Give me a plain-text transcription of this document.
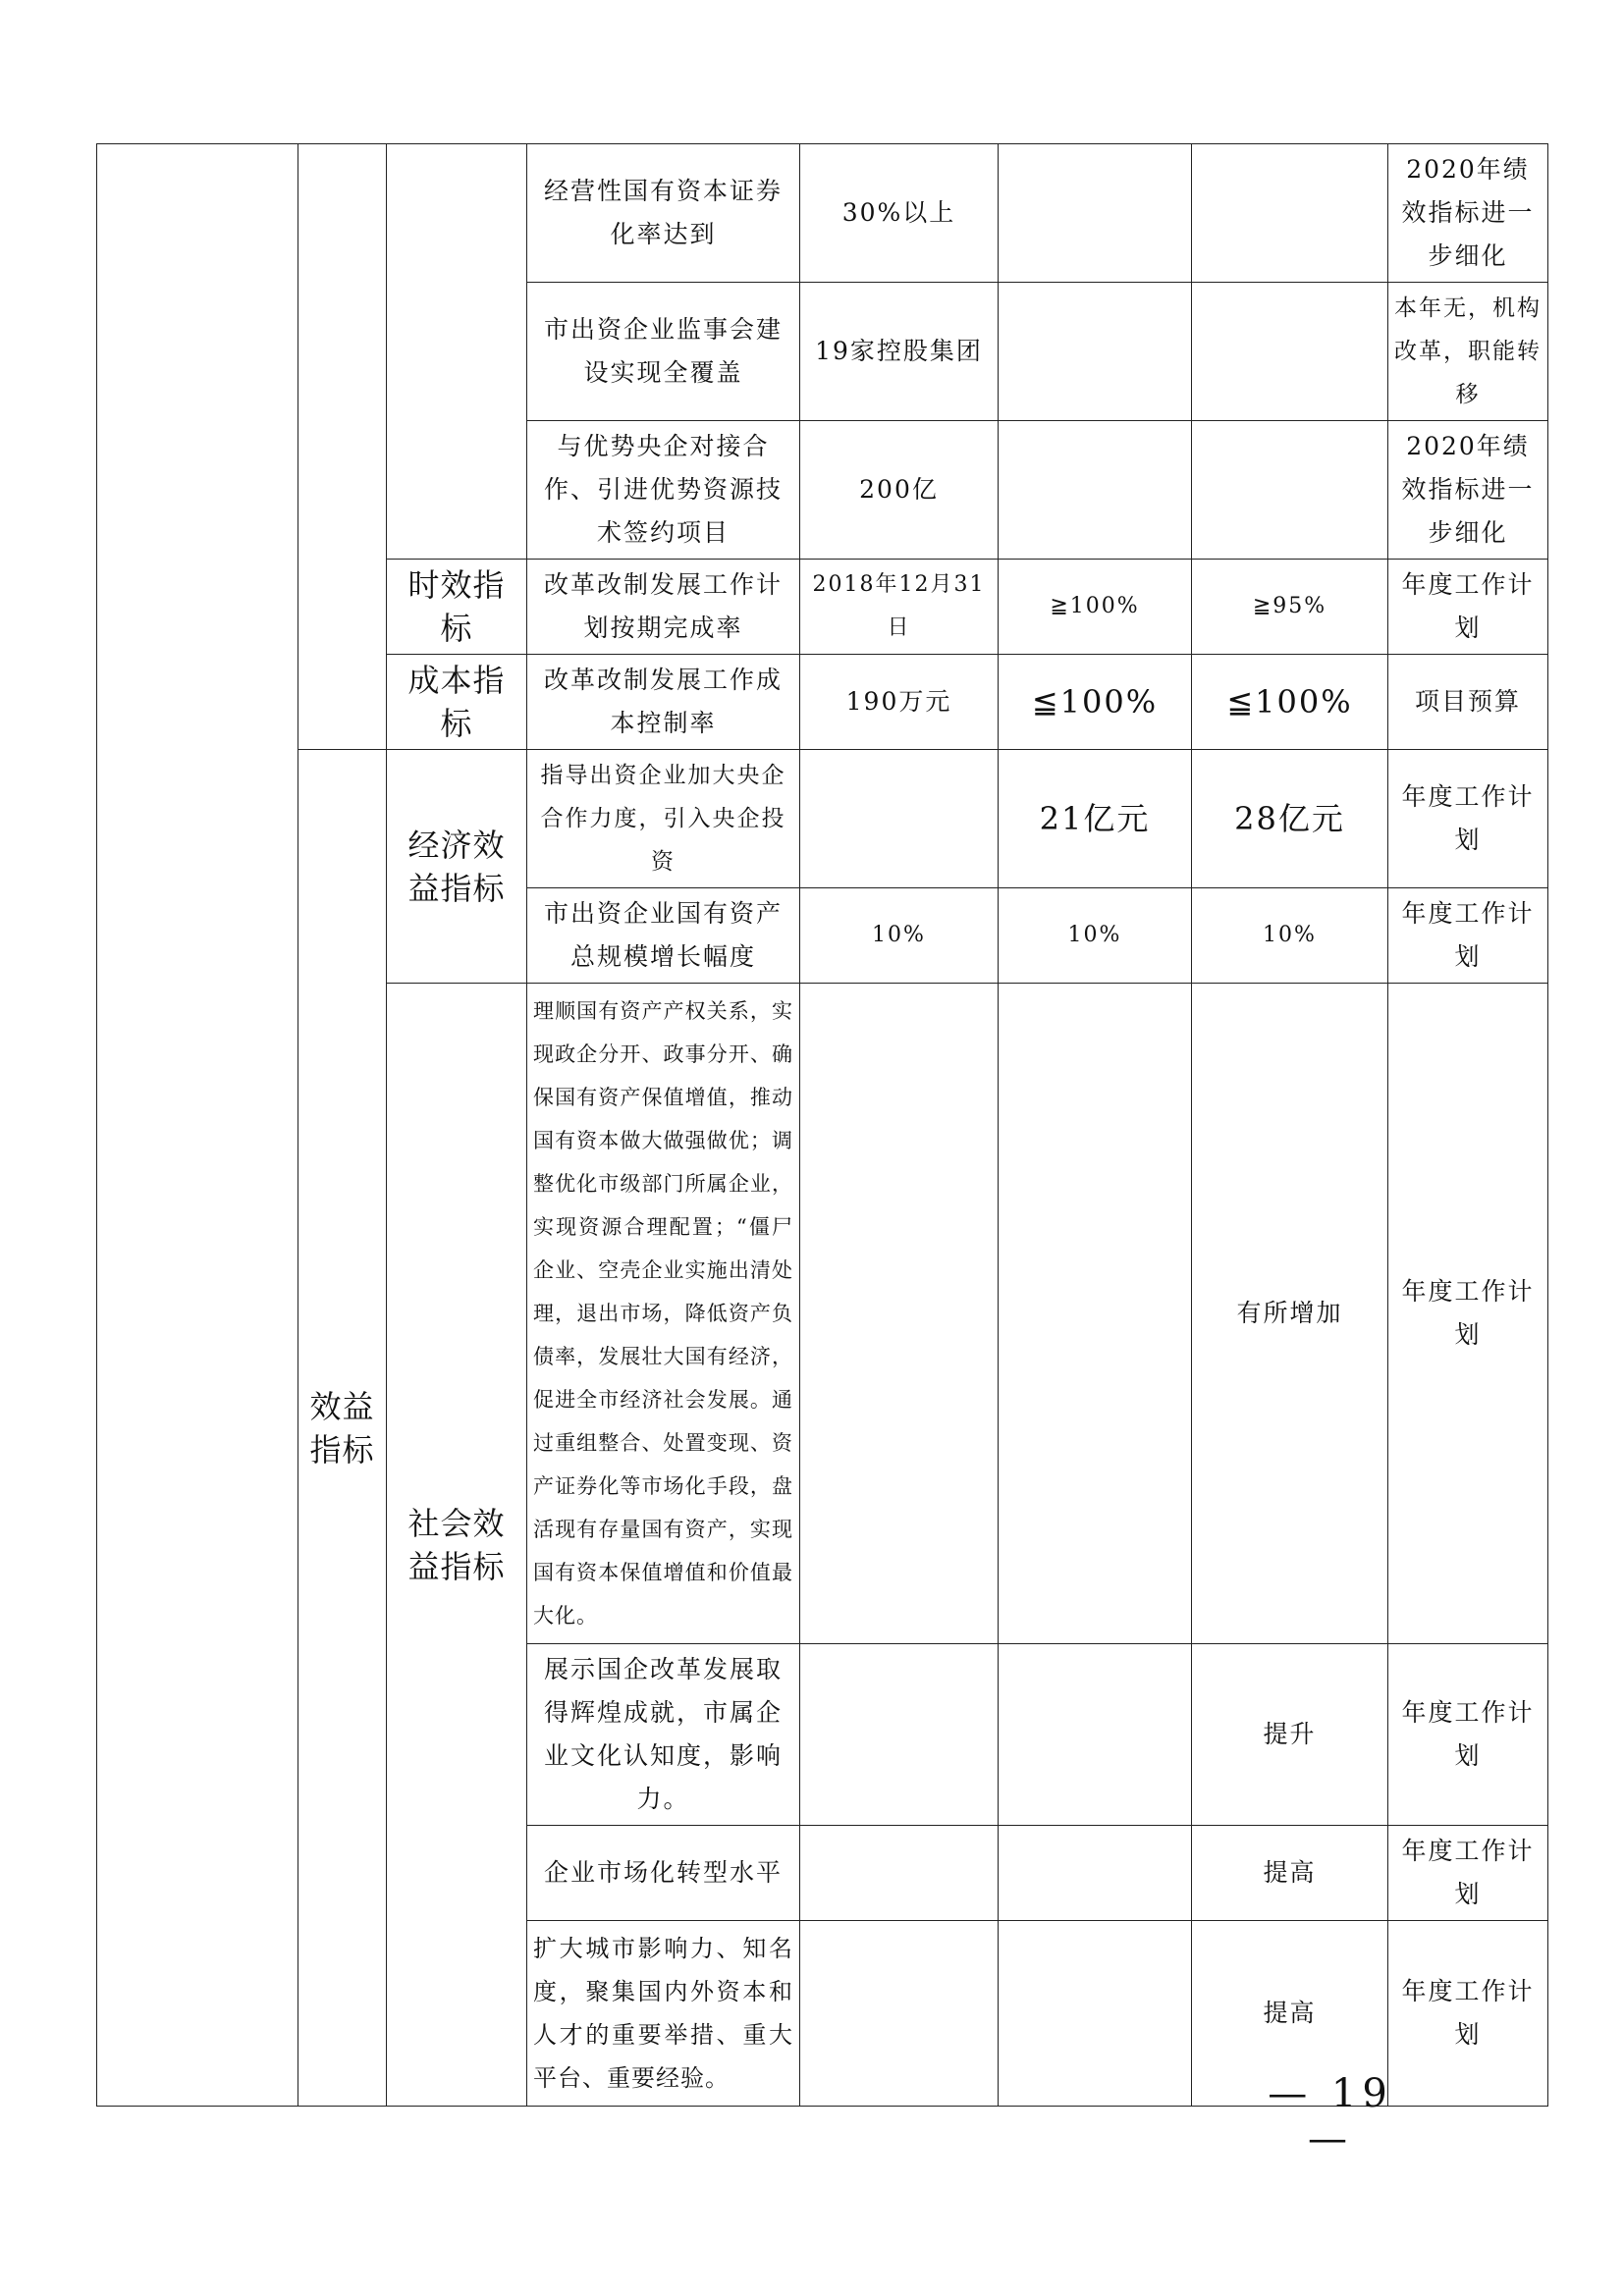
			经营性国有资本证券化率达到	30%以上			2020年绩效指标进一步细化
			市出资企业监事会建设实现全覆盖	19家控股集团			本年无，机构改革，职能转移
			与优势央企对接合作、引进优势资源技术签约项目	200亿			2020年绩效指标进一步细化
		时效指标	改革改制发展工作计划按期完成率	2018年12月31日	≧100%	≧95%	年度工作计划
		成本指标	改革改制发展工作成本控制率	190万元	≦100%	≦100%	项目预算
	效益指标	经济效益指标	指导出资企业加大央企合作力度，引入央企投资		21亿元	28亿元	年度工作计划
			市出资企业国有资产总规模增长幅度	10%	10%	10%	年度工作计划
		社会效益指标	理顺国有资产产权关系，实现政企分开、政事分开、确保国有资产保值增值，推动国有资本做大做强做优；调整优化市级部门所属企业，实现资源合理配置；“僵尸企业、空壳企业实施出清处理，退出市场，降低资产负债率，发展壮大国有经济，促进全市经济社会发展。通过重组整合、处置变现、资产证券化等市场化手段，盘活现有存量国有资产，实现国有资本保值增值和价值最大化。			有所增加	年度工作计划
			展示国企改革发展取得辉煌成就，市属企业文化认知度，影响力。			提升	年度工作计划
			企业市场化转型水平			提高	年度工作计划
			扩大城市影响力、知名度，聚集国内外资本和人才的重要举措、重大平台、重要经验。			提高	年度工作计划
— 19 —
